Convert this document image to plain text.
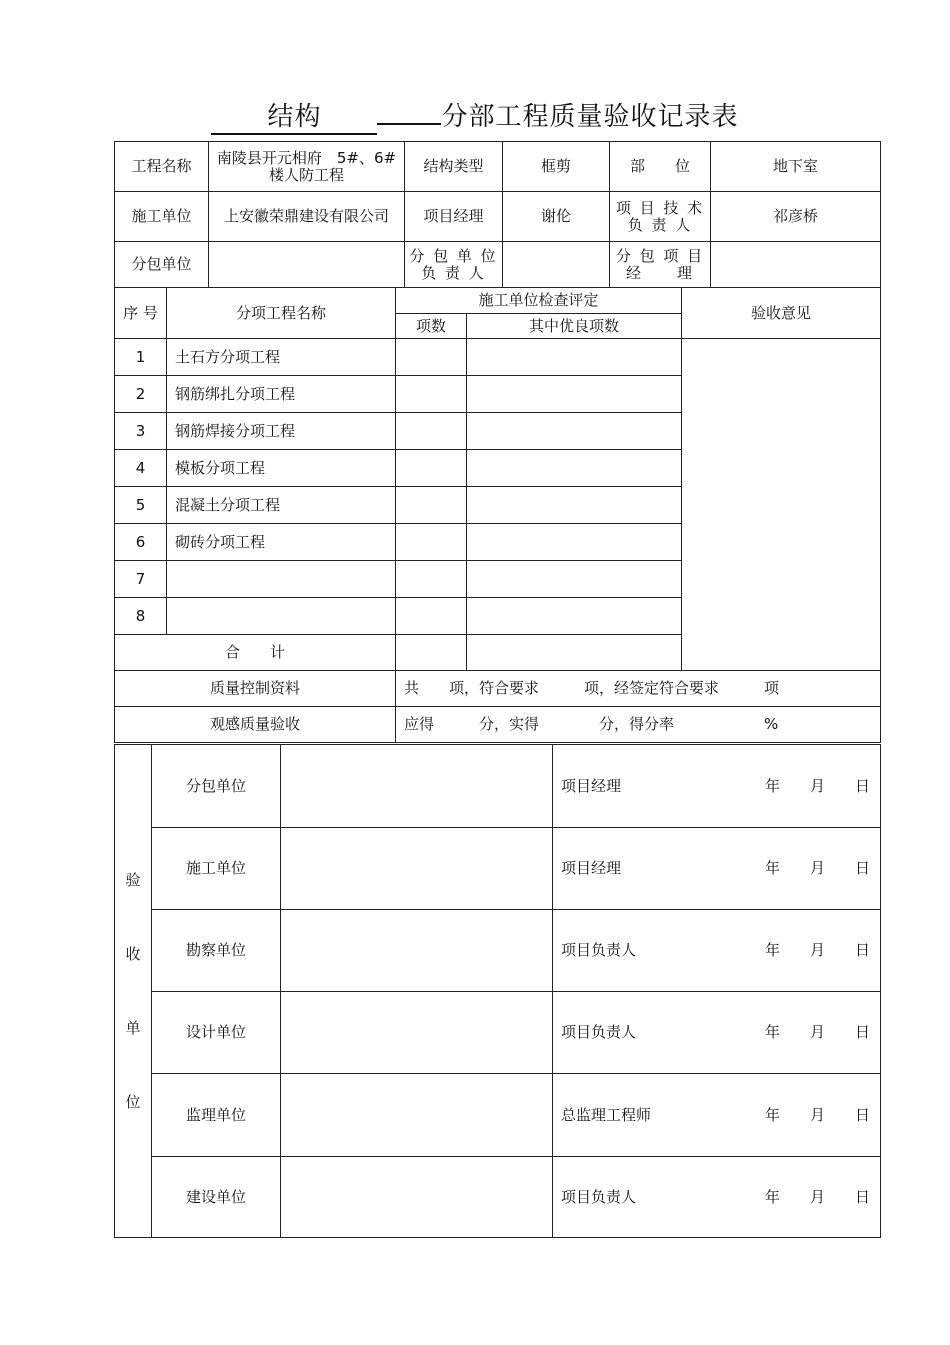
结构	分部工程质量验收记录表
工程名称	南陵县开元相府　5#、6#楼人防工程	结构类型	框剪	部　　位	地下室
施工单位	上安徽荣鼎建设有限公司	项目经理	谢伦	项 目 技 术 负 责 人	祁彦桥
分包单位		分 包 单 位 负 责 人		分 包 项 目 经　　理	
序 号	分项工程名称	施工单位检查评定		验收意见
		项数	其中优良项数	
1	土石方分项工程			
2	钢筋绑扎分项工程			
3	钢筋焊接分项工程			
4	模板分项工程			
5	混凝土分项工程			
6	砌砖分项工程			
7				
8				
合　　计				
质量控制资料		共　　项，符合要求　　　项，经签定符合要求　　　项		
观感质量验收		应得　　　分，实得　　　　分，得分率　　　　　　%		
验
收
单
位	分包单位		项目经理	年　　月　　日
	施工单位		项目经理	年　　月　　日
	勘察单位		项目负责人	年　　月　　日
	设计单位		项目负责人	年　　月　　日
	监理单位		总监理工程师	年　　月　　日
	建设单位		项目负责人	年　　月　　日
